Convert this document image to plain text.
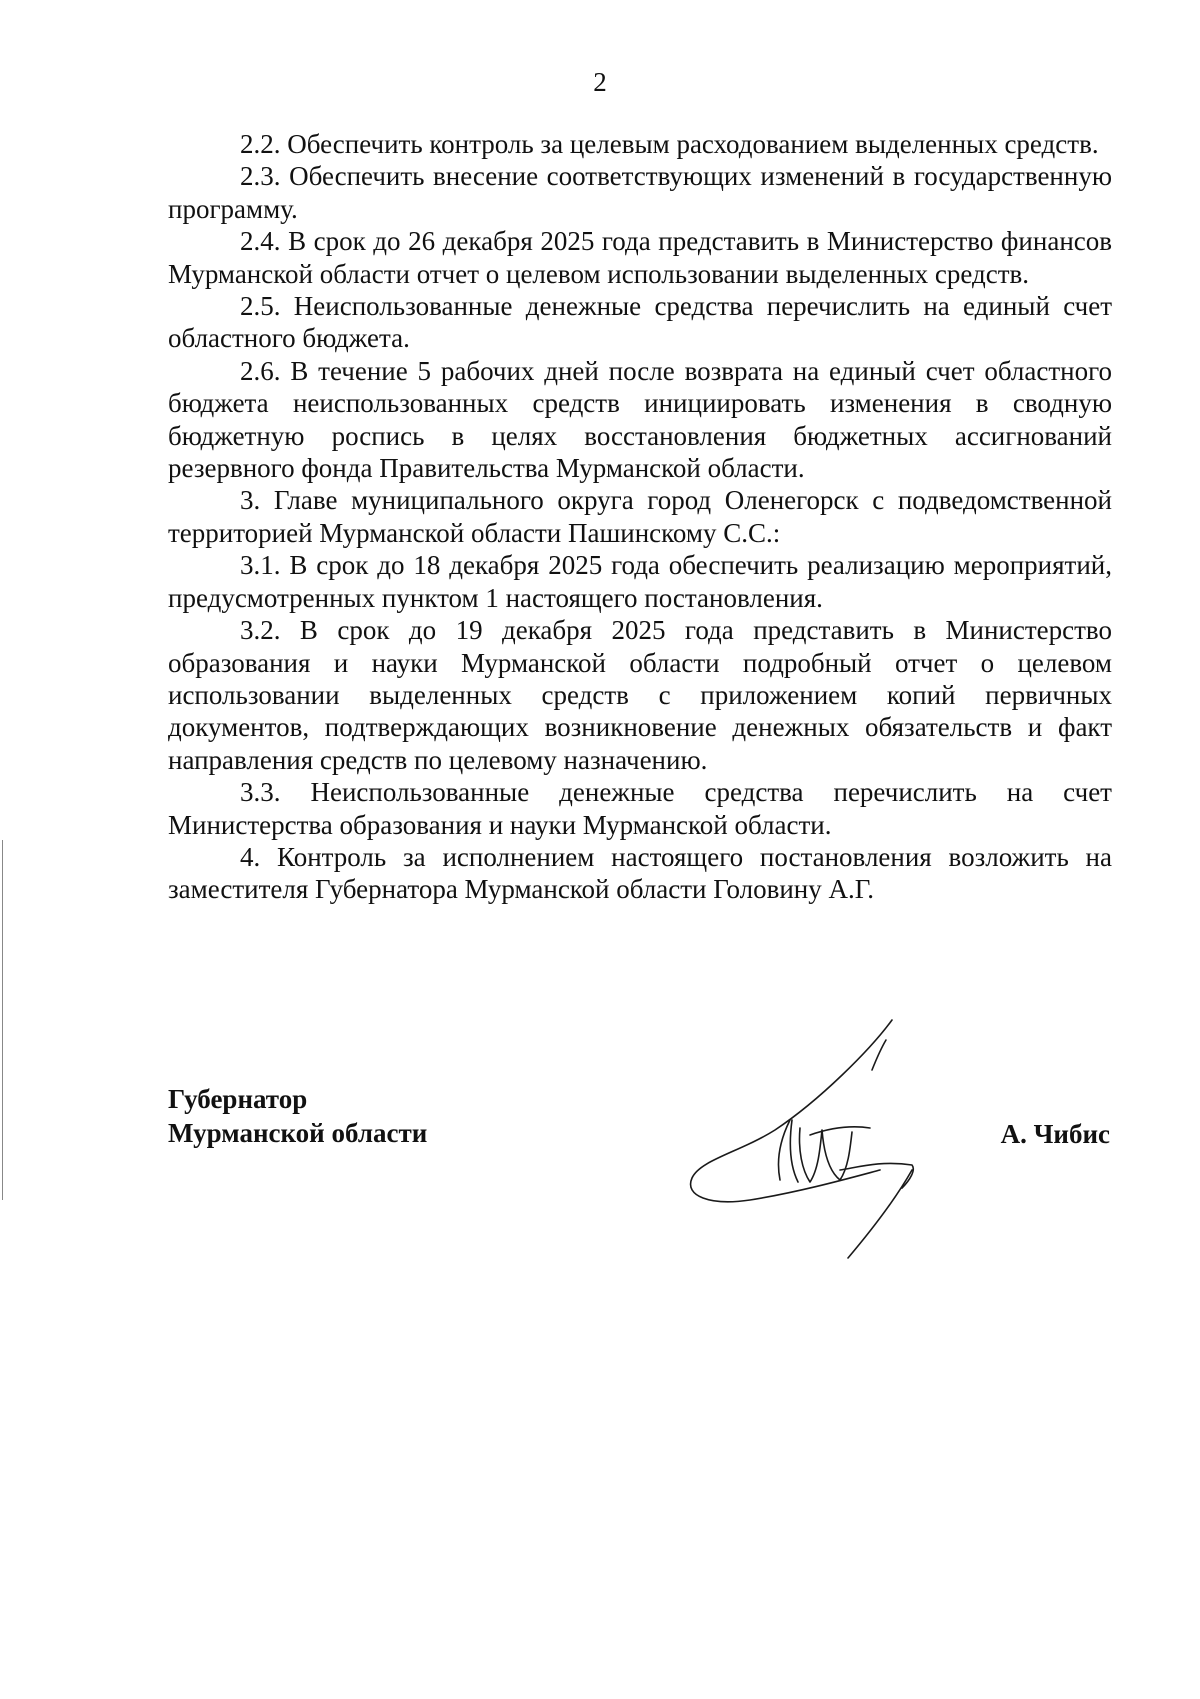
2

2.2. Обеспечить контроль за целевым расходованием выделенных средств.

2.3. Обеспечить внесение соответствующих изменений в государственную программу.

2.4. В срок до 26 декабря 2025 года представить в Министерство финансов Мурманской области отчет о целевом использовании выделенных средств.

2.5. Неиспользованные денежные средства перечислить на единый счет областного бюджета.

2.6. В течение 5 рабочих дней после возврата на единый счет областного бюджета неиспользованных средств инициировать изменения в сводную бюджетную роспись в целях восстановления бюджетных ассигнований резервного фонда Правительства Мурманской области.

3. Главе муниципального округа город Оленегорск с подведомственной территорией Мурманской области Пашинскому С.С.:

3.1. В срок до 18 декабря 2025 года обеспечить реализацию мероприятий, предусмотренных пунктом 1 настоящего постановления.

3.2. В срок до 19 декабря 2025 года представить в Министерство образования и науки Мурманской области подробный отчет о целевом использовании выделенных средств с приложением копий первичных документов, подтверждающих возникновение денежных обязательств и факт направления средств по целевому назначению.

3.3. Неиспользованные денежные средства перечислить на счет Министерства образования и науки Мурманской области.

4. Контроль за исполнением настоящего постановления возложить на заместителя Губернатора Мурманской области Головину А.Г.

Губернатор
Мурманской области	А. Чибис
